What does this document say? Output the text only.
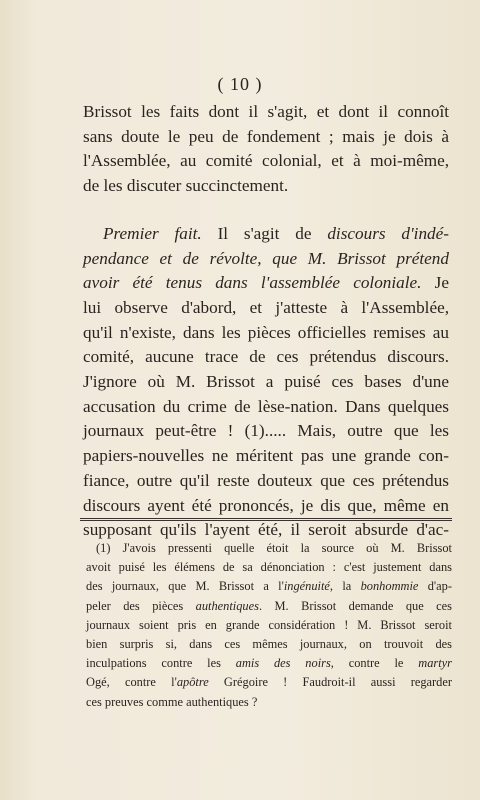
( 10 )
Brissot les faits dont il s'agit, et dont il connoît
sans doute le peu de fondement ; mais je dois à
l'Assemblée, au comité colonial, et à moi-même,
de les discuter succinctement.
Premier fait. Il s'agit de discours d'indé-
pendance et de révolte, que M. Brissot prétend
avoir été tenus dans l'assemblée coloniale. Je
lui observe d'abord, et j'atteste à l'Assemblée,
qu'il n'existe, dans les pièces officielles remises au
comité, aucune trace de ces prétendus discours.
J'ignore où M. Brissot a puisé ces bases d'une
accusation du crime de lèse-nation. Dans quelques
journaux peut-être ! (1)..... Mais, outre que les
papiers-nouvelles ne méritent pas une grande con-
fiance, outre qu'il reste douteux que ces prétendus
discours ayent été prononcés, je dis que, même en
supposant qu'ils l'ayent été, il seroit absurde d'ac-
(1) J'avois pressenti quelle étoit la source où M. Brissot
avoit puisé les élémens de sa dénonciation : c'est justement dans
des journaux, que M. Brissot a l'ingénuité, la bonhommie d'ap-
peler des pièces authentiques. M. Brissot demande que ces
journaux soient pris en grande considération ! M. Brissot seroit
bien surpris si, dans ces mêmes journaux, on trouvoit des
inculpations contre les amis des noirs, contre le martyr
Ogé, contre l'apôtre Grégoire ! Faudroit-il aussi regarder
ces preuves comme authentiques ?
